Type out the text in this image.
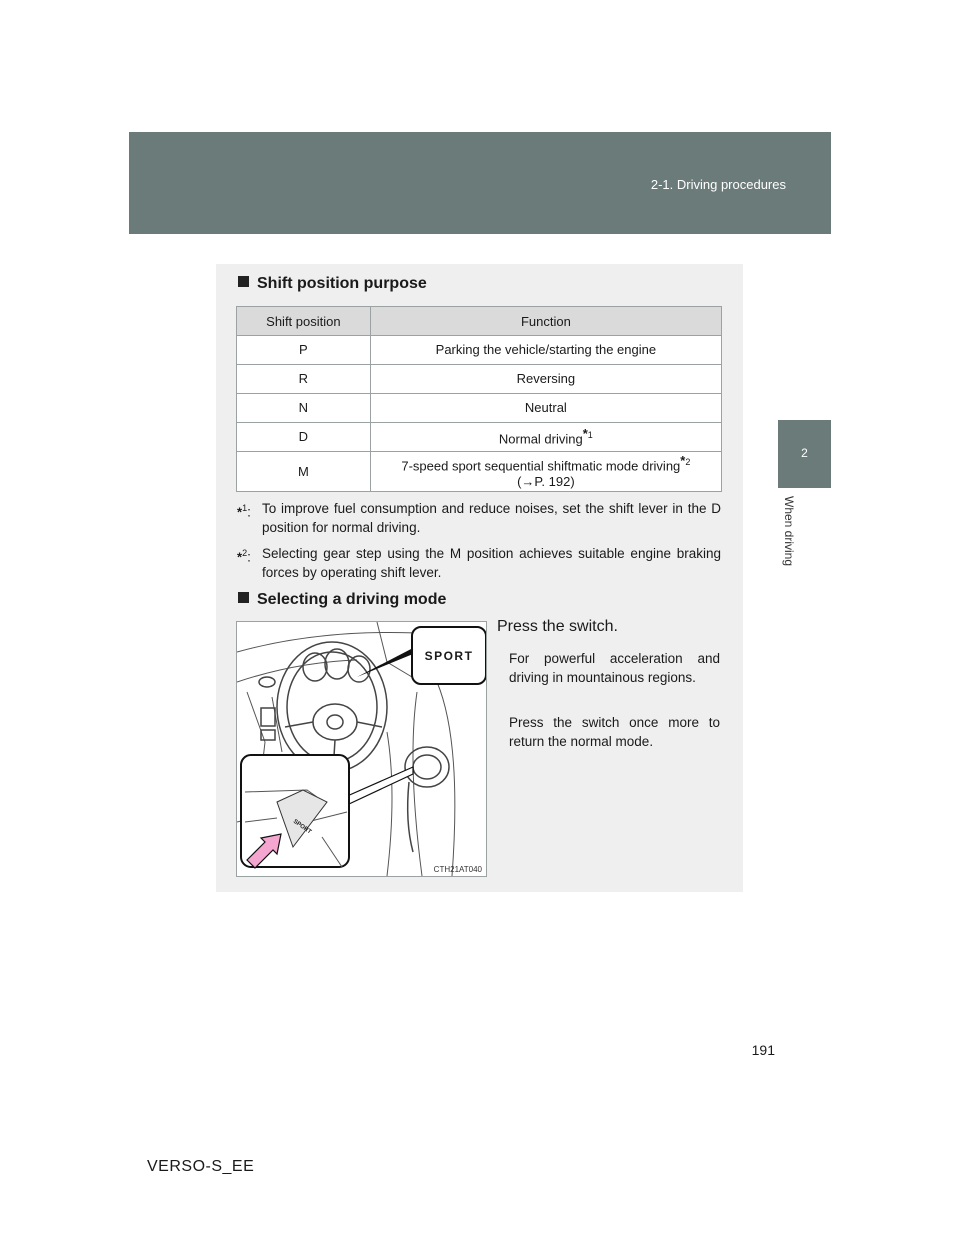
2-1. Driving procedures
2
When driving
Shift position purpose
Shift position	Function
P	Parking the vehicle/starting the engine
R	Reversing
N	Neutral
D	Normal driving$^{*1}$
M	7-speed sport sequential shiftmatic mode driving$^{*2}$
(→P. 192)
*$^1$: To improve fuel consumption and reduce noises, set the shift lever in the D position for normal driving.
*$^2$: Selecting gear step using the M position achieves suitable engine braking forces by operating shift lever.
Selecting a driving mode
SPORT
SPORT
CTH21AT040
Press the switch.
For powerful acceleration and driving in mountainous regions.
Press the switch once more to return the normal mode.
191
VERSO-S_EE
